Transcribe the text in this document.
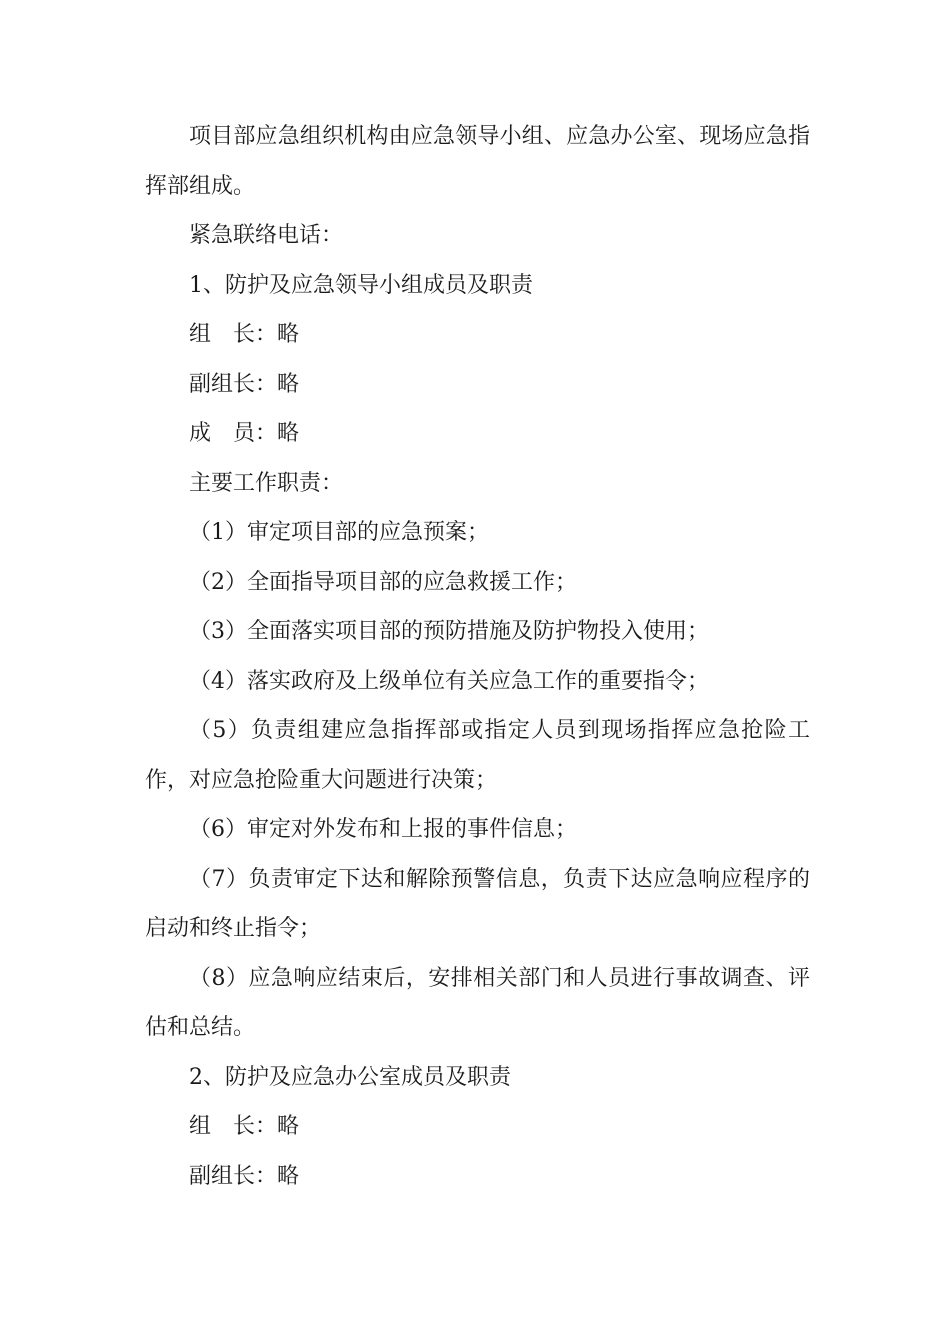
项目部应急组织机构由应急领导小组、应急办公室、现场应急指挥部组成。

紧急联络电话：

1、防护及应急领导小组成员及职责

组 长 ：略

副组长 ：略

成 员 ：略

主要工作职责：

（1）审定项目部的应急预案；

（2）全面指导项目部的应急救援工作；

（3）全面落实项目部的预防措施及防护物投入使用；

（4）落实政府及上级单位有关应急工作的重要指令；

（5）负责组建应急指挥部或指定人员到现场指挥应急抢险工作，对应急抢险重大问题进行决策；

（6）审定对外发布和上报的事件信息；

（7）负责审定下达和解除预警信息，负责下达应急响应程序的启动和终止指令；

（8）应急响应结束后，安排相关部门和人员进行事故调查、评估和总结。

2、防护及应急办公室成员及职责

组 长 ：略

副组长 ：略
